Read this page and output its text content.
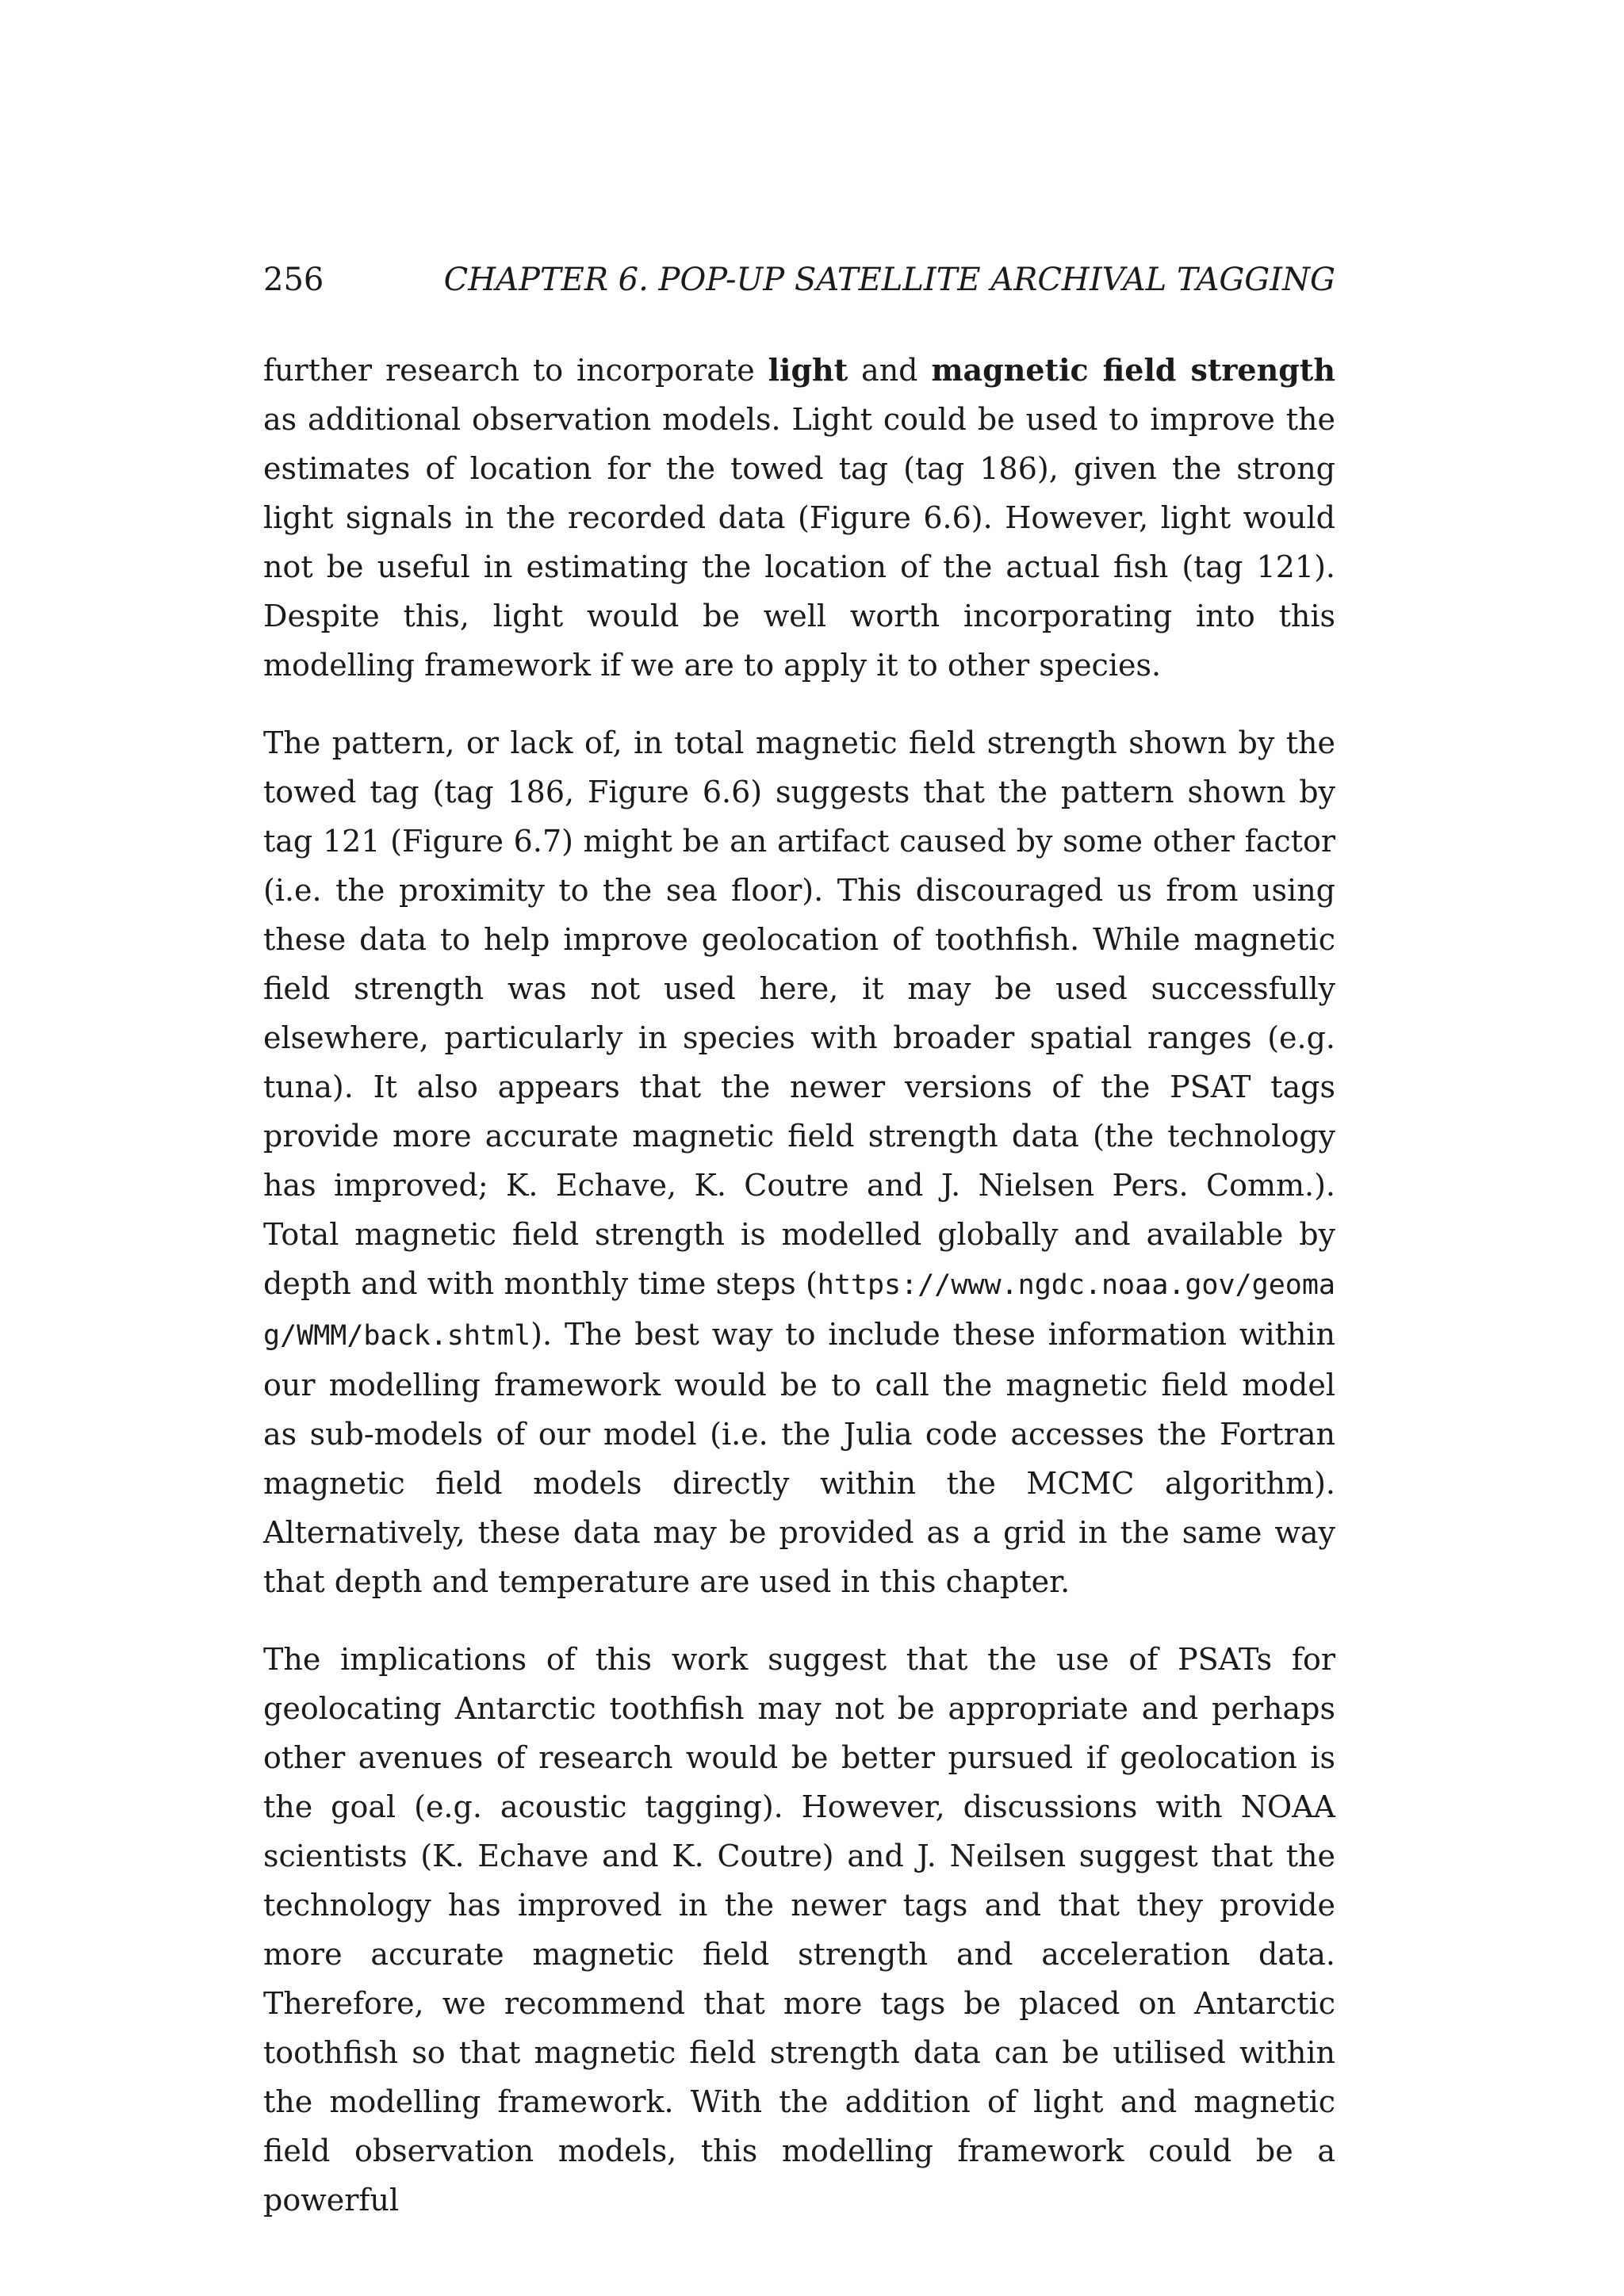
256	CHAPTER 6. POP-UP SATELLITE ARCHIVAL TAGGING

further research to incorporate light and magnetic field strength as additional observation models. Light could be used to improve the estimates of location for the towed tag (tag 186), given the strong light signals in the recorded data (Figure 6.6). However, light would not be useful in estimating the location of the actual fish (tag 121). Despite this, light would be well worth incorporating into this modelling framework if we are to apply it to other species.

The pattern, or lack of, in total magnetic field strength shown by the towed tag (tag 186, Figure 6.6) suggests that the pattern shown by tag 121 (Figure 6.7) might be an artifact caused by some other factor (i.e. the proximity to the sea floor). This discouraged us from using these data to help improve geolocation of toothfish. While magnetic field strength was not used here, it may be used successfully elsewhere, particularly in species with broader spatial ranges (e.g. tuna). It also appears that the newer versions of the PSAT tags provide more accurate magnetic field strength data (the technology has improved; K. Echave, K. Coutre and J. Nielsen Pers. Comm.). Total magnetic field strength is modelled globally and available by depth and with monthly time steps (https://www.ngdc.noaa.gov/geomag/WMM/back.shtml). The best way to include these information within our modelling framework would be to call the magnetic field model as sub-models of our model (i.e. the Julia code accesses the Fortran magnetic field models directly within the MCMC algorithm). Alternatively, these data may be provided as a grid in the same way that depth and temperature are used in this chapter.

The implications of this work suggest that the use of PSATs for geolocating Antarctic toothfish may not be appropriate and perhaps other avenues of research would be better pursued if geolocation is the goal (e.g. acoustic tagging). However, discussions with NOAA scientists (K. Echave and K. Coutre) and J. Neilsen suggest that the technology has improved in the newer tags and that they provide more accurate magnetic field strength and acceleration data. Therefore, we recommend that more tags be placed on Antarctic toothfish so that magnetic field strength data can be utilised within the modelling framework. With the addition of light and magnetic field observation models, this modelling framework could be a powerful
